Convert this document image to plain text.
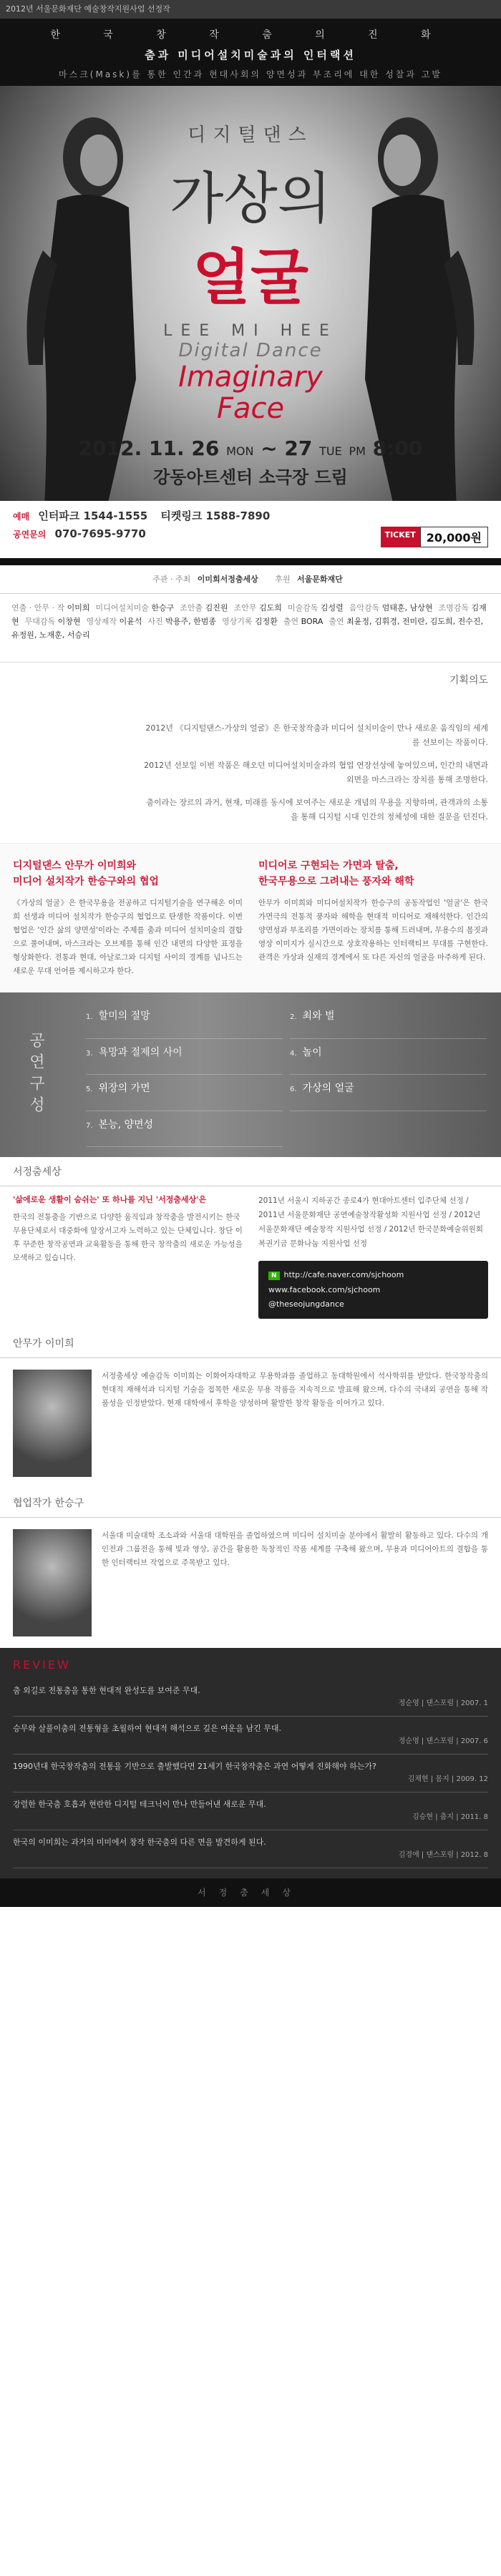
2012년 서울문화재단 예술창작지원사업 선정작
한 국 창 작 춤 의 진 화
춤과 미디어설치미술과의 인터랙션
마스크(Mask)를 통한 인간과 현대사회의 양면성과 부조리에 대한 성찰과 고발
디지털댄스
가상의
얼굴
LEE MI HEE
Digital Dance
Imaginary
Face
2012. 11. 26 MON ~ 27 TUE PM 8:00
강동아트센터 소극장 드림
예매 인터파크 1544-1555 티켓링크 1588-7890
공연문의 070-7695-9770	TICKET 20,000원
주관 · 주최 이미희서정춤세상 후원 서울문화재단
연출 · 안무 · 작 이미희 미디어설치미술 한승구 조안출 김진원 조안무 김도희 미술감독 김성렬 음악감독 엄태훈, 남상현 조명감독 김재현 무대감독 이창현 영상제작 이윤석 사진 박용주, 한범종 영상기록 김정환 출연 BORA 출연 최윤정, 김휘경, 전미란, 김도희, 전수진, 유정원, 노재훈, 서승리
기획의도

2012년 《디지털댄스-가상의 얼굴》은 한국창작춤과 미디어 설치미술이 만나 새로운 움직임의 세계를 선보이는 작품이다.

2012년 선보일 이번 작품은 해오던 미디어설치미술과의 협업 연장선상에 놓여있으며, 인간의 내면과 외면을 마스크라는 장치를 통해 조명한다.

춤이라는 장르의 과거, 현재, 미래를 동시에 보여주는 새로운 개념의 무용을 지향하며, 관객과의 소통을 통해 디지털 시대 인간의 정체성에 대한 질문을 던진다.

디지털댄스 안무가 이미희와
미디어 설치작가 한승구와의 협업

《가상의 얼굴》은 한국무용을 전공하고 디지털기술을 연구해온 이미희 선생과 미디어 설치작가 한승구의 협업으로 탄생한 작품이다. 이번 협업은 '인간 삶의 양면성'이라는 주제를 춤과 미디어 설치미술의 결합으로 풀어내며, 마스크라는 오브제를 통해 인간 내면의 다양한 표정을 형상화한다. 전통과 현대, 아날로그와 디지털 사이의 경계를 넘나드는 새로운 무대 언어를 제시하고자 한다.

미디어로 구현되는 가면과 탈춤,
한국무용으로 그려내는 풍자와 해학

안무가 이미희와 미디어설치작가 한승구의 공동작업인 '얼굴'은 한국 가면극의 전통적 풍자와 해학을 현대적 미디어로 재해석한다. 인간의 양면성과 부조리를 가면이라는 장치를 통해 드러내며, 무용수의 몸짓과 영상 이미지가 실시간으로 상호작용하는 인터랙티브 무대를 구현한다. 관객은 가상과 실재의 경계에서 또 다른 자신의 얼굴을 마주하게 된다.

공연구성
1. 할미의 절망	2. 최와 벌
3. 욕망과 절제의 사이	4. 놀이
5. 위장의 가면	6. 가상의 얼굴
7. 본능, 양면성
서정춤세상
'삶에로운 생활이 숨쉬는' 또 하나를 지닌 '서정춤세상'은

한국의 전통춤을 기반으로 다양한 움직임과 창작춤을 발전시키는 한국무용단체로서 대중화에 앞장서고자 노력하고 있는 단체입니다. 창단 이후 꾸준한 창작공연과 교육활동을 통해 한국 창작춤의 새로운 가능성을 모색하고 있습니다.

2011년 서울시 지하공간 종로4가 현대아트센터 입주단체 선정 / 2011년 서울문화재단 공연예술창작활성화 지원사업 선정 / 2012년 서울문화재단 예술창작 지원사업 선정 / 2012년 한국문화예술위원회 복권기금 문화나눔 지원사업 선정

N http://cafe.naver.com/sjchoom
www.facebook.com/sjchoom
@theseojungdance
안무가 이미희

서정춤세상 예술감독 이미희는 이화여자대학교 무용학과를 졸업하고 동대학원에서 석사학위를 받았다. 한국창작춤의 현대적 재해석과 디지털 기술을 접목한 새로운 무용 작품을 지속적으로 발표해 왔으며, 다수의 국내외 공연을 통해 작품성을 인정받았다. 현재 대학에서 후학을 양성하며 활발한 창작 활동을 이어가고 있다.

협업작가 한승구

서울대 미술대학 조소과와 서울대 대학원을 졸업하였으며 미디어 설치미술 분야에서 활발히 활동하고 있다. 다수의 개인전과 그룹전을 통해 빛과 영상, 공간을 활용한 독창적인 작품 세계를 구축해 왔으며, 무용과 미디어아트의 결합을 통한 인터랙티브 작업으로 주목받고 있다.

REVIEW
춤 외길로 전통춤을 통한 현대적 완성도를 보여준 무대.
정순영 | 댄스포럼 | 2007. 1
승무와 살풀이춤의 전통형을 초월하여 현대적 해석으로 깊은 여운을 남긴 무대.
정순영 | 댄스포럼 | 2007. 6
1990년대 한국창작춤의 전통을 기반으로 출발했다면 21세기 한국창작춤은 과연 어떻게 진화해야 하는가?
김채현 | 몸지 | 2009. 12
강렬한 한국춤 호흡과 현란한 디지털 테크닉이 만나 만들어낸 새로운 무대.
김승현 | 춤지 | 2011. 8
한국의 이미희는 과거의 미미에서 창작 한국춤의 다른 면을 발견하게 된다.
김경애 | 댄스포럼 | 2012. 8
서정춤세상
